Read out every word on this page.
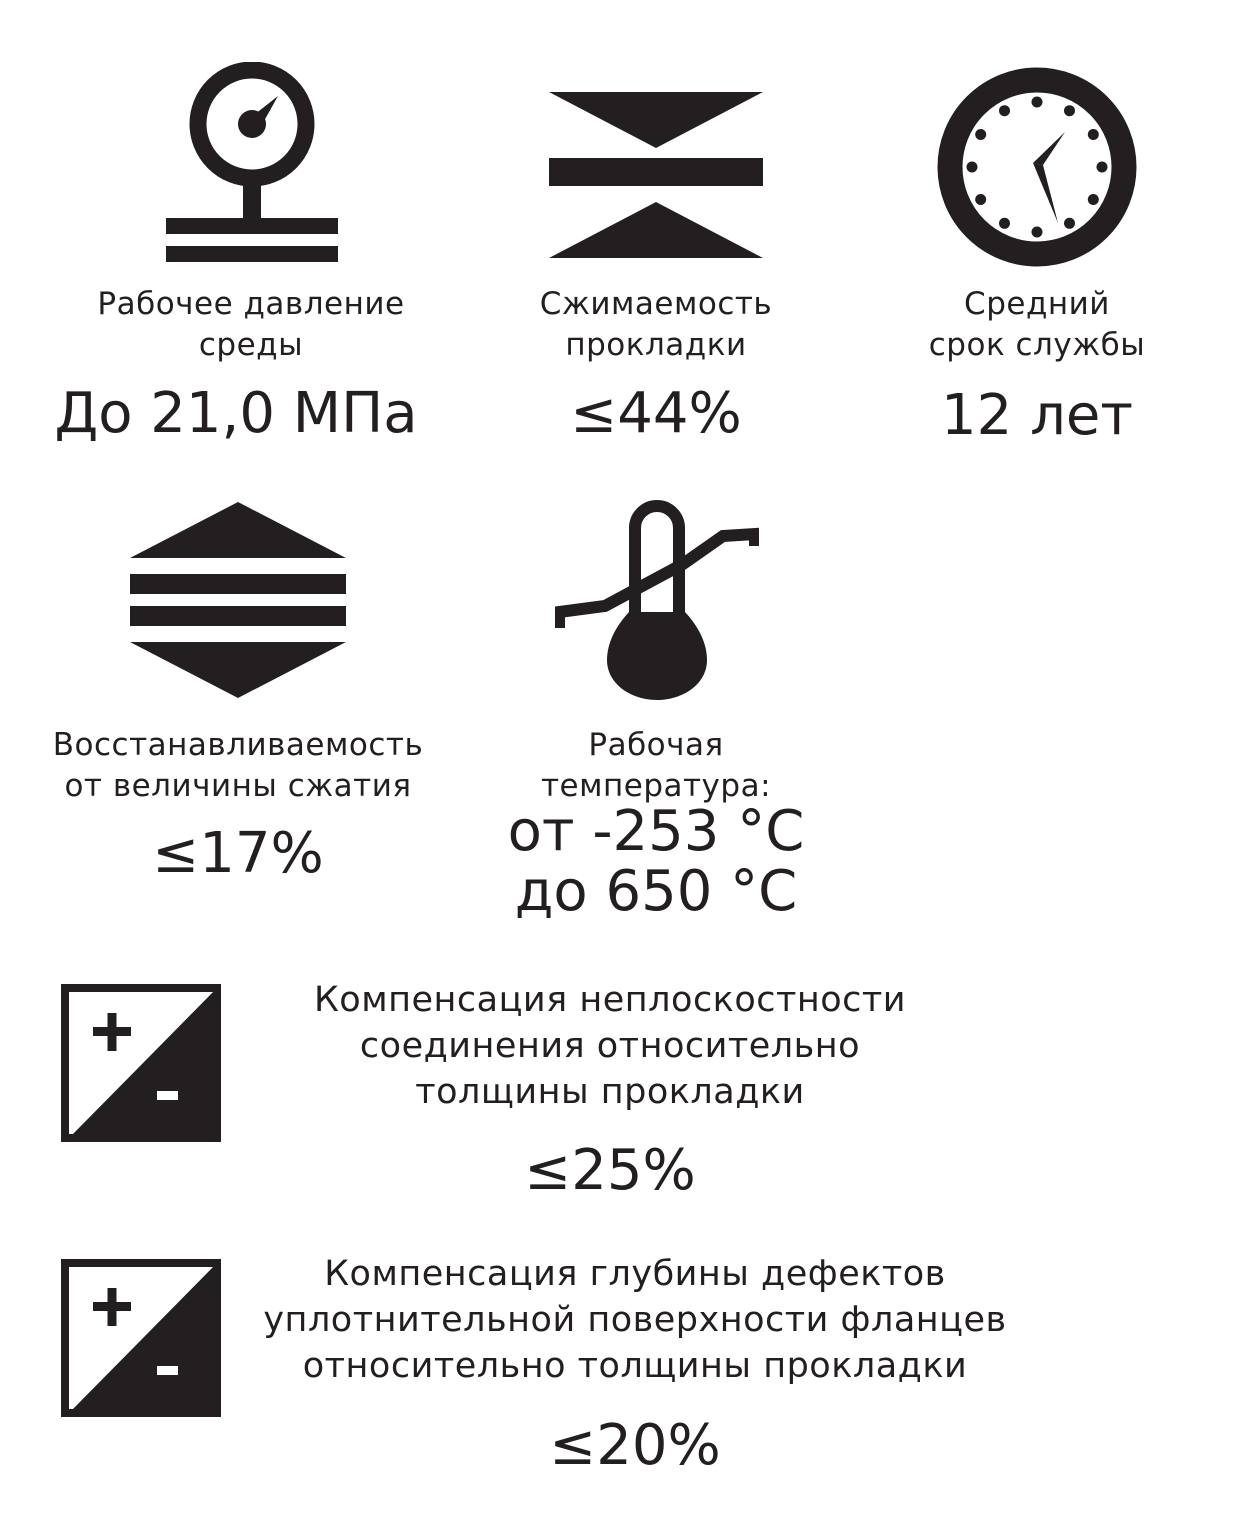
Рабочее давление
среды
До 21,0 МПа
Сжимаемость
прокладки
≤44%
Средний
срок службы
12 лет
Восстанавливаемость
от величины сжатия
≤17%
Рабочая
температура:
от -253 °С
до 650 °С
Компенсация неплоскостности
соединения относительно
толщины прокладки
≤25%
Компенсация глубины дефектов
уплотнительной поверхности фланцев
относительно толщины прокладки
≤20%
